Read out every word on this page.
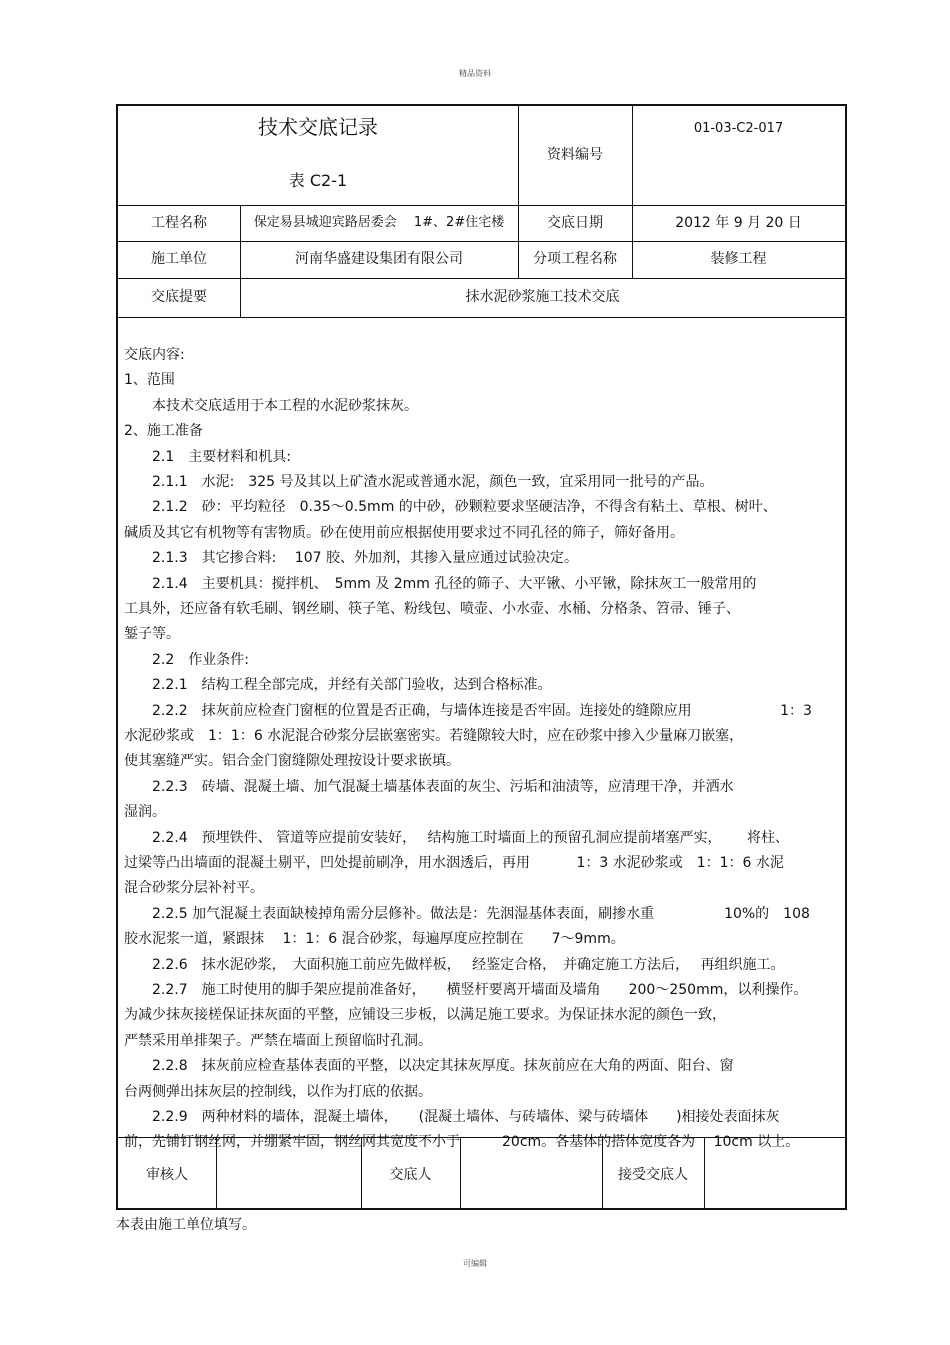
精品资料
技术交底记录
表 C2-1
资料编号
01-03-C2-017
工程名称	保定易县城迎宾路居委会　 1#、2#住宅楼	交底日期	2012 年 9 月 20 日
施工单位	河南华盛建设集团有限公司	分项工程名称	装修工程
交底提要	抹水泥砂浆施工技术交底
交底内容:
1、范围
　　本技术交底适用于本工程的水泥砂浆抹灰。
2、施工准备
　　2.1　主要材料和机具:
　　2.1.1　水泥:　325 号及其以上矿渣水泥或普通水泥，颜色一致，宜采用同一批号的产品。
　　2.1.2　砂：平均粒径　0.35～0.5mm 的中砂，砂颗粒要求坚硬洁净，不得含有粘土、草根、树叶、
碱质及其它有机物等有害物质。砂在使用前应根据使用要求过不同孔径的筛子，筛好备用。
　　2.1.3　其它掺合料:　 107 胶、外加剂，其掺入量应通过试验决定。
　　2.1.4　主要机具：搅拌机、　5mm 及 2mm 孔径的筛子、大平锹、小平锹，除抹灰工一般常用的
工具外，还应备有软毛刷、钢丝刷、筷子笔、粉线包、喷壶、小水壶、水桶、分格条、笤帚、锤子、
錾子等。
　　2.2　作业条件:
　　2.2.1　结构工程全部完成，并经有关部门验收，达到合格标准。
　　2.2.2　抹灰前应检查门窗框的位置是否正确，与墙体连接是否牢固。连接处的缝隙应用　　　　　　 1：3
水泥砂浆或　1：1：6 水泥混合砂浆分层嵌塞密实。若缝隙较大时，应在砂浆中掺入少量麻刀嵌塞，
使其塞缝严实。铝合金门窗缝隙处理按设计要求嵌填。
　　2.2.3　砖墙、混凝土墙、加气混凝土墙基体表面的灰尘、污垢和油渍等，应清理干净，并洒水
湿润。
　　2.2.4　预埋铁件、 管道等应提前安装好，　 结构施工时墙面上的预留孔洞应提前堵塞严实，　　 将柱、
过梁等凸出墙面的混凝土剔平，凹处提前刷净，用水洇透后，再用　　　 1：3 水泥砂浆或　1：1：6 水泥
混合砂浆分层补衬平。
　　2.2.5 加气混凝土表面缺棱掉角需分层修补。做法是：先洇湿基体表面，刷掺水重　　　　　10%的　108
胶水泥浆一道，紧跟抹　 1：1：6 混合砂浆，每遍厚度应控制在　　7～9mm。
　　2.2.6　抹水泥砂浆，　大面积施工前应先做样板，　 经鉴定合格，　并确定施工方法后，　 再组织施工。
　　2.2.7　施工时使用的脚手架应提前准备好，　　横竖杆要离开墙面及墙角　　200～250mm，以利操作。
为减少抹灰接槎保证抹灰面的平整，应铺设三步板，以满足施工要求。为保证抹水泥的颜色一致，
严禁采用单排架子。严禁在墙面上预留临时孔洞。
　　2.2.8　抹灰前应检查基体表面的平整，以决定其抹灰厚度。抹灰前应在大角的两面、阳台、窗
台两侧弹出抹灰层的控制线，以作为打底的依据。
　　2.2.9　两种材料的墙体，混凝土墙体，　　(混凝土墙体、与砖墙体、梁与砖墙体　　)相接处表面抹灰
前，先铺钉钢丝网，并绷紧牢固，钢丝网其宽度不小于　　　20cm。各基体的搭体宽度各为　 10cm 以上。
审核人	交底人	接受交底人
本表由施工单位填写。
可编辑
